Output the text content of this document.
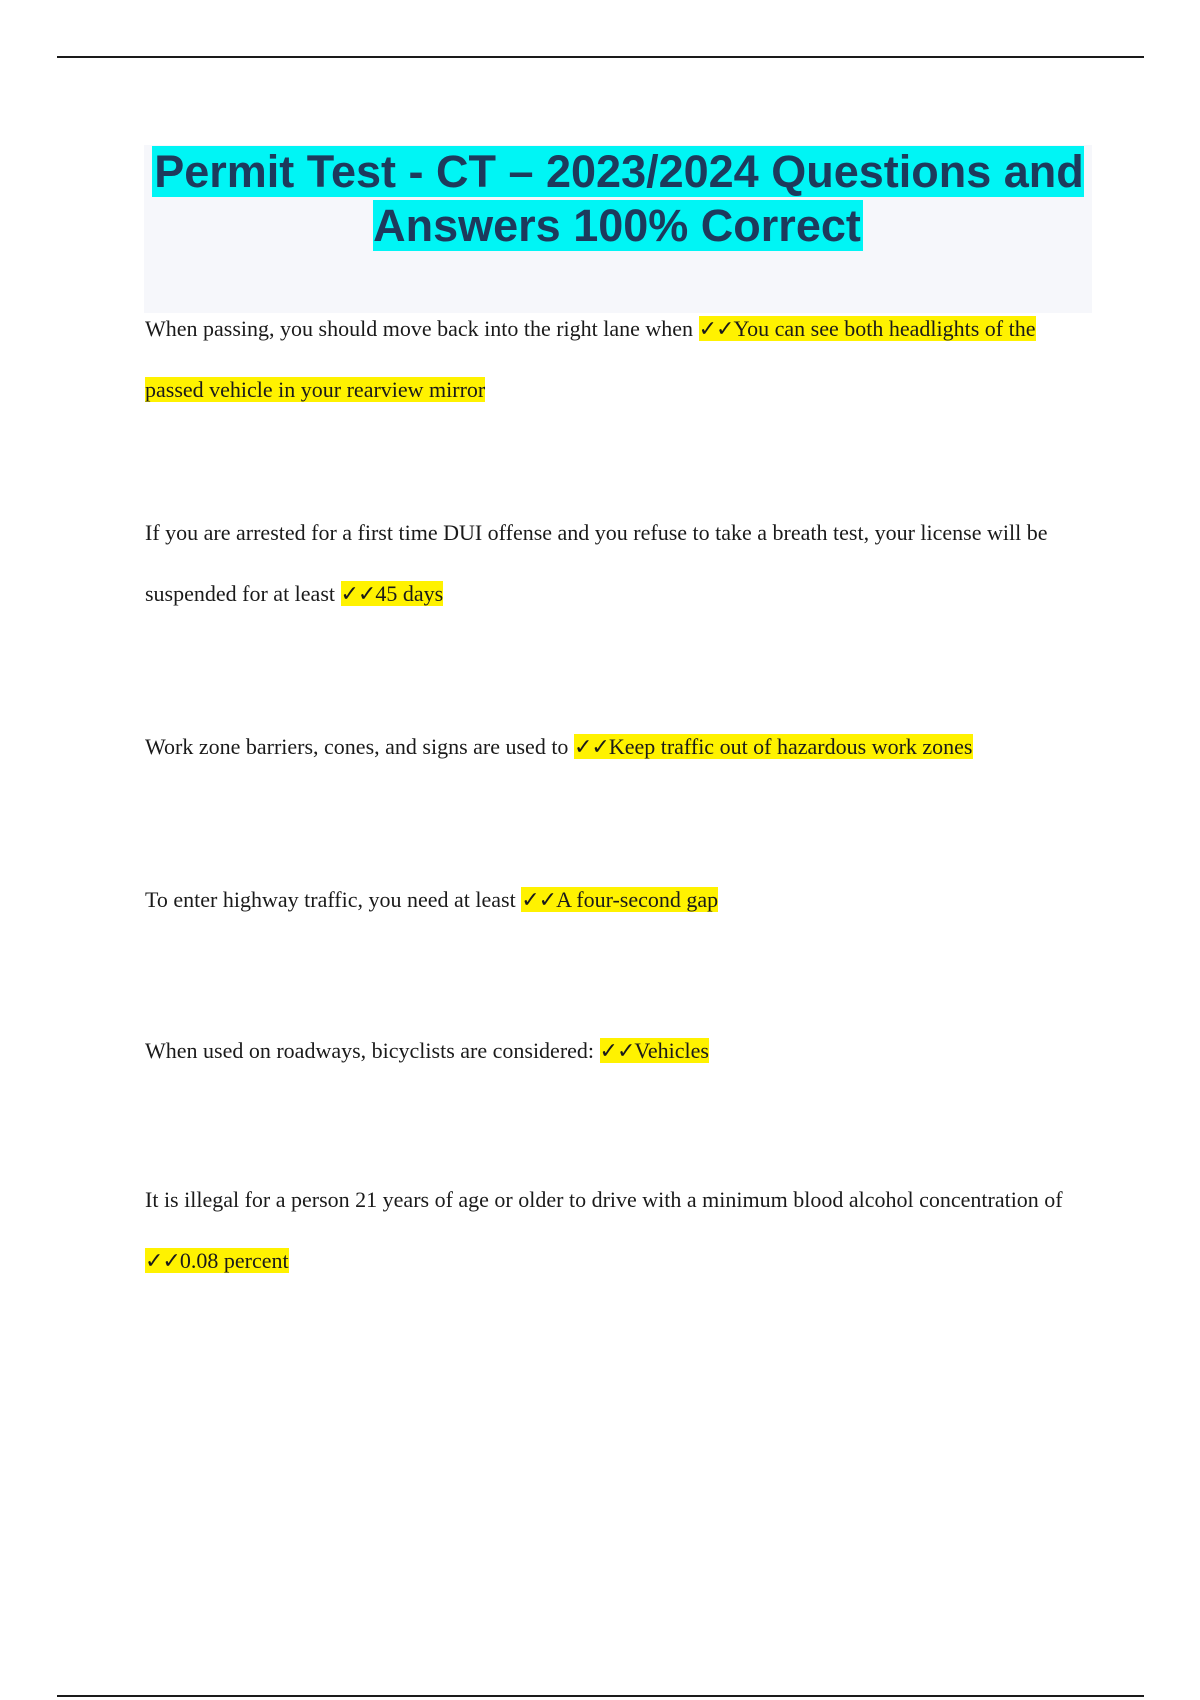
Permit Test - CT – 2023/2024 Questions and Answers 100% Correct

When passing, you should move back into the right lane when ✓✓You can see both headlights of the passed vehicle in your rearview mirror

If you are arrested for a first time DUI offense and you refuse to take a breath test, your license will be suspended for at least ✓✓45 days

Work zone barriers, cones, and signs are used to ✓✓Keep traffic out of hazardous work zones

To enter highway traffic, you need at least ✓✓A four-second gap

When used on roadways, bicyclists are considered: ✓✓Vehicles

It is illegal for a person 21 years of age or older to drive with a minimum blood alcohol concentration of ✓✓0.08 percent
